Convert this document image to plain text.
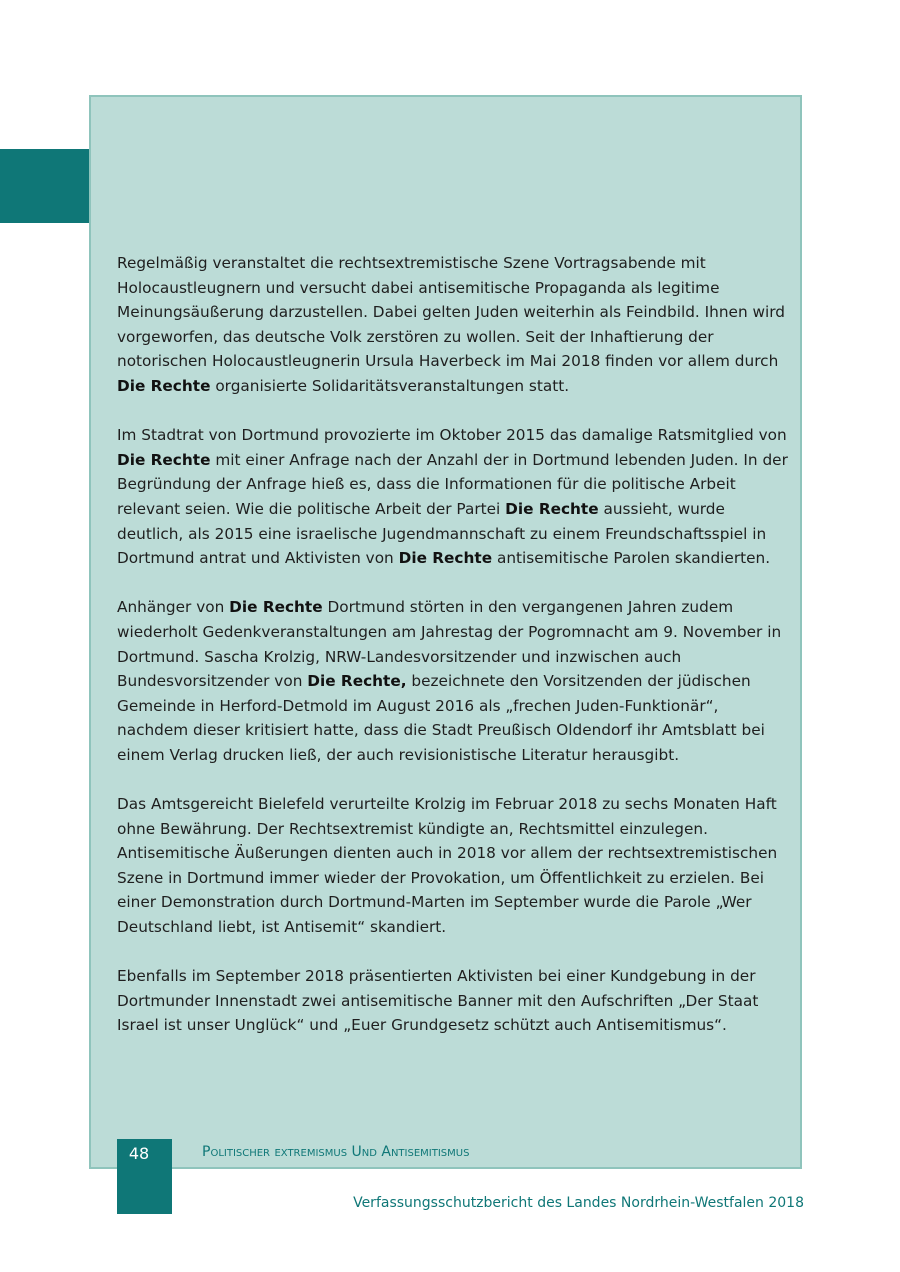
Regelmäßig veranstaltet die rechtsextremistische Szene Vortragsabende mit Holocaustleugnern und versucht dabei antisemitische Propaganda als legitime Meinungsäußerung darzustellen. Dabei gelten Juden weiterhin als Feindbild. Ihnen wird vorgeworfen, das deutsche Volk zerstören zu wollen. Seit der Inhaftierung der notorischen Holocaustleugnerin Ursula Haverbeck im Mai 2018 finden vor allem durch Die Rechte organisierte Solidaritätsveranstaltungen statt.

Im Stadtrat von Dortmund provozierte im Oktober 2015 das damalige Ratsmitglied von Die Rechte mit einer Anfrage nach der Anzahl der in Dortmund lebenden Juden. In der Begründung der Anfrage hieß es, dass die Informationen für die politische Arbeit relevant seien. Wie die politische Arbeit der Partei Die Rechte aussieht, wurde deutlich, als 2015 eine israelische Jugendmannschaft zu einem Freundschaftsspiel in Dortmund antrat und Aktivisten von Die Rechte antisemitische Parolen skandierten.

Anhänger von Die Rechte Dortmund störten in den vergangenen Jahren zudem wiederholt Gedenkveranstaltungen am Jahrestag der Pogromnacht am 9. November in Dortmund. Sascha Krolzig, NRW-Landesvorsitzender und inzwischen auch Bundesvorsitzender von Die Rechte, bezeichnete den Vorsitzenden der jüdischen Gemeinde in Herford-Detmold im August 2016 als „frechen Juden-Funktionär“, nachdem dieser kritisiert hatte, dass die Stadt Preußisch Oldendorf ihr Amtsblatt bei einem Verlag drucken ließ, der auch revisionistische Literatur herausgibt.

Das Amtsgereicht Bielefeld verurteilte Krolzig im Februar 2018 zu sechs Monaten Haft ohne Bewährung. Der Rechtsextremist kündigte an, Rechtsmittel einzulegen. Antisemitische Äußerungen dienten auch in 2018 vor allem der rechtsextremistischen Szene in Dortmund immer wieder der Provokation, um Öffentlichkeit zu erzielen. Bei einer Demonstration durch Dortmund-Marten im September wurde die Parole „Wer Deutschland liebt, ist Antisemit“ skandiert.

Ebenfalls im September 2018 präsentierten Aktivisten bei einer Kundgebung in der Dortmunder Innenstadt zwei antisemitische Banner mit den Aufschriften „Der Staat Israel ist unser Unglück“ und „Euer Grundgesetz schützt auch Antisemitismus“.

48	Politischer extremismus Und Antisemitismus
Verfassungsschutzbericht des Landes Nordrhein-Westfalen 2018
